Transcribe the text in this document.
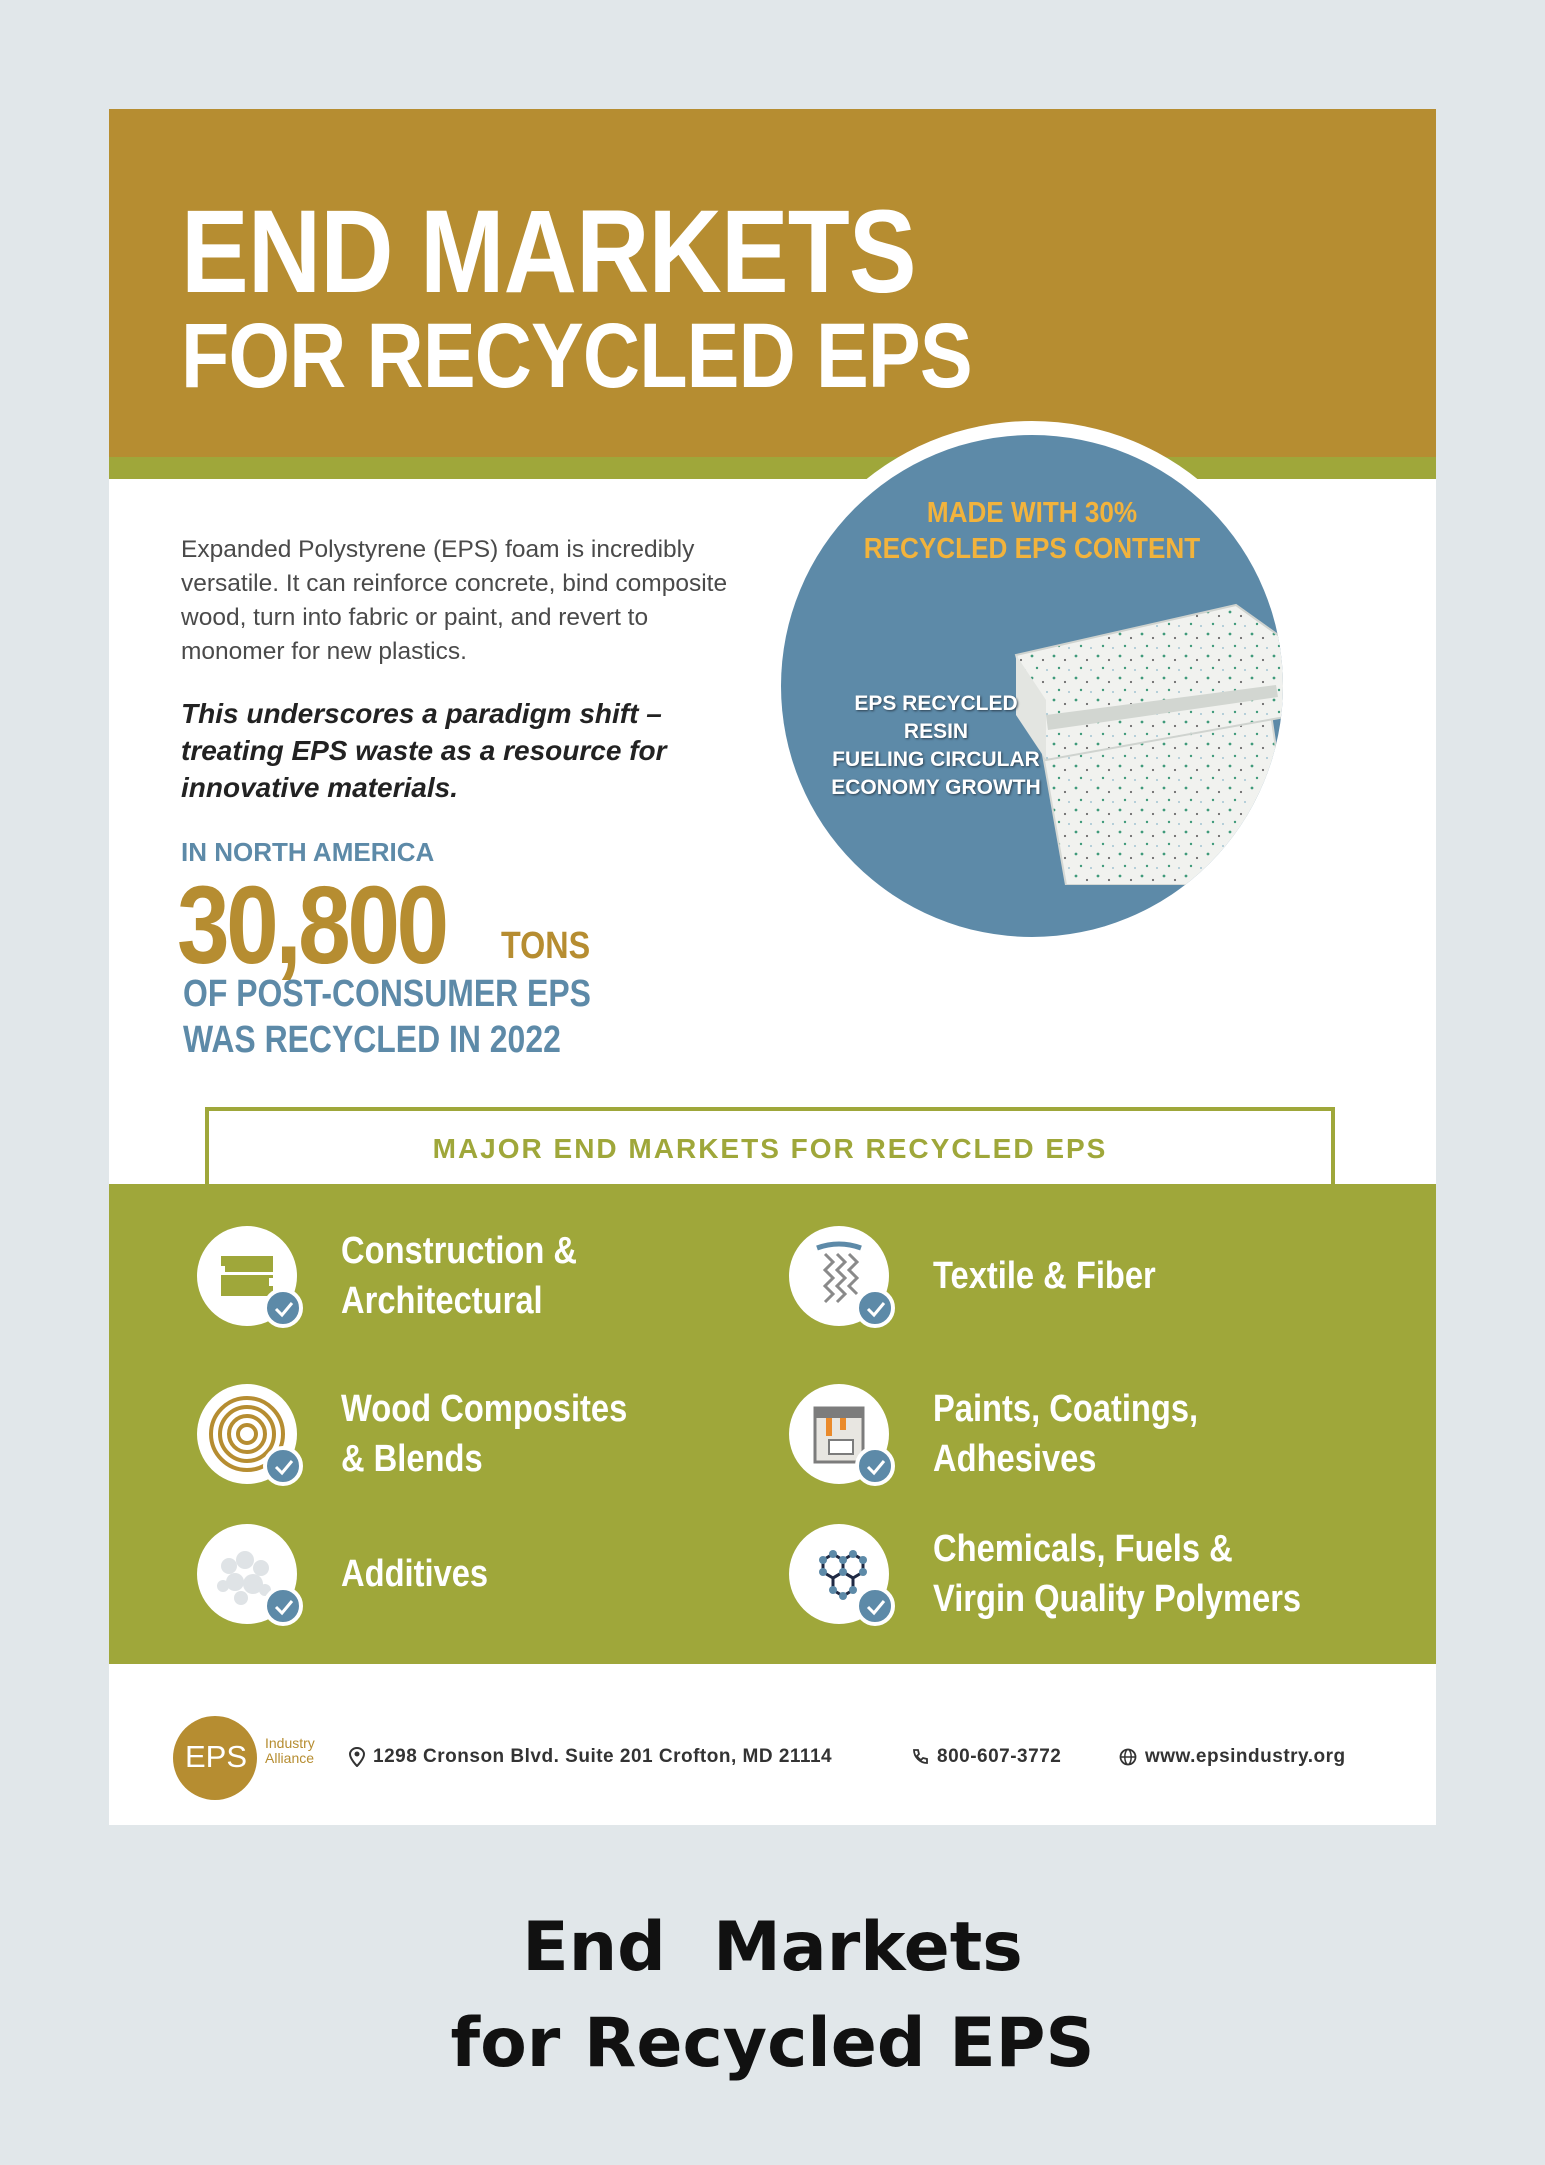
END MARKETS
FOR RECYCLED EPS
Expanded Polystyrene (EPS) foam is incredibly
versatile. It can reinforce concrete, bind composite
wood, turn into fabric or paint, and revert to
monomer for new plastics.
This underscores a paradigm shift –
treating EPS waste as a resource for
innovative materials.
IN NORTH AMERICA
30,800 TONS
OF POST-CONSUMER EPS
WAS RECYCLED IN 2022
MADE WITH 30%
RECYCLED EPS CONTENT
EPS RECYCLED RESIN
FUELING CIRCULAR
ECONOMY GROWTH
MAJOR END MARKETS FOR RECYCLED EPS
Construction &
Architectural
Textile & Fiber
Wood Composites
& Blends
Paints, Coatings,
Adhesives
Additives
Chemicals, Fuels &
Virgin Quality Polymers
EPS Industry
Alliance	1298 Cronson Blvd. Suite 201 Crofton, MD 21114	800-607-3772	www.epsindustry.org
End  Markets
for Recycled EPS
